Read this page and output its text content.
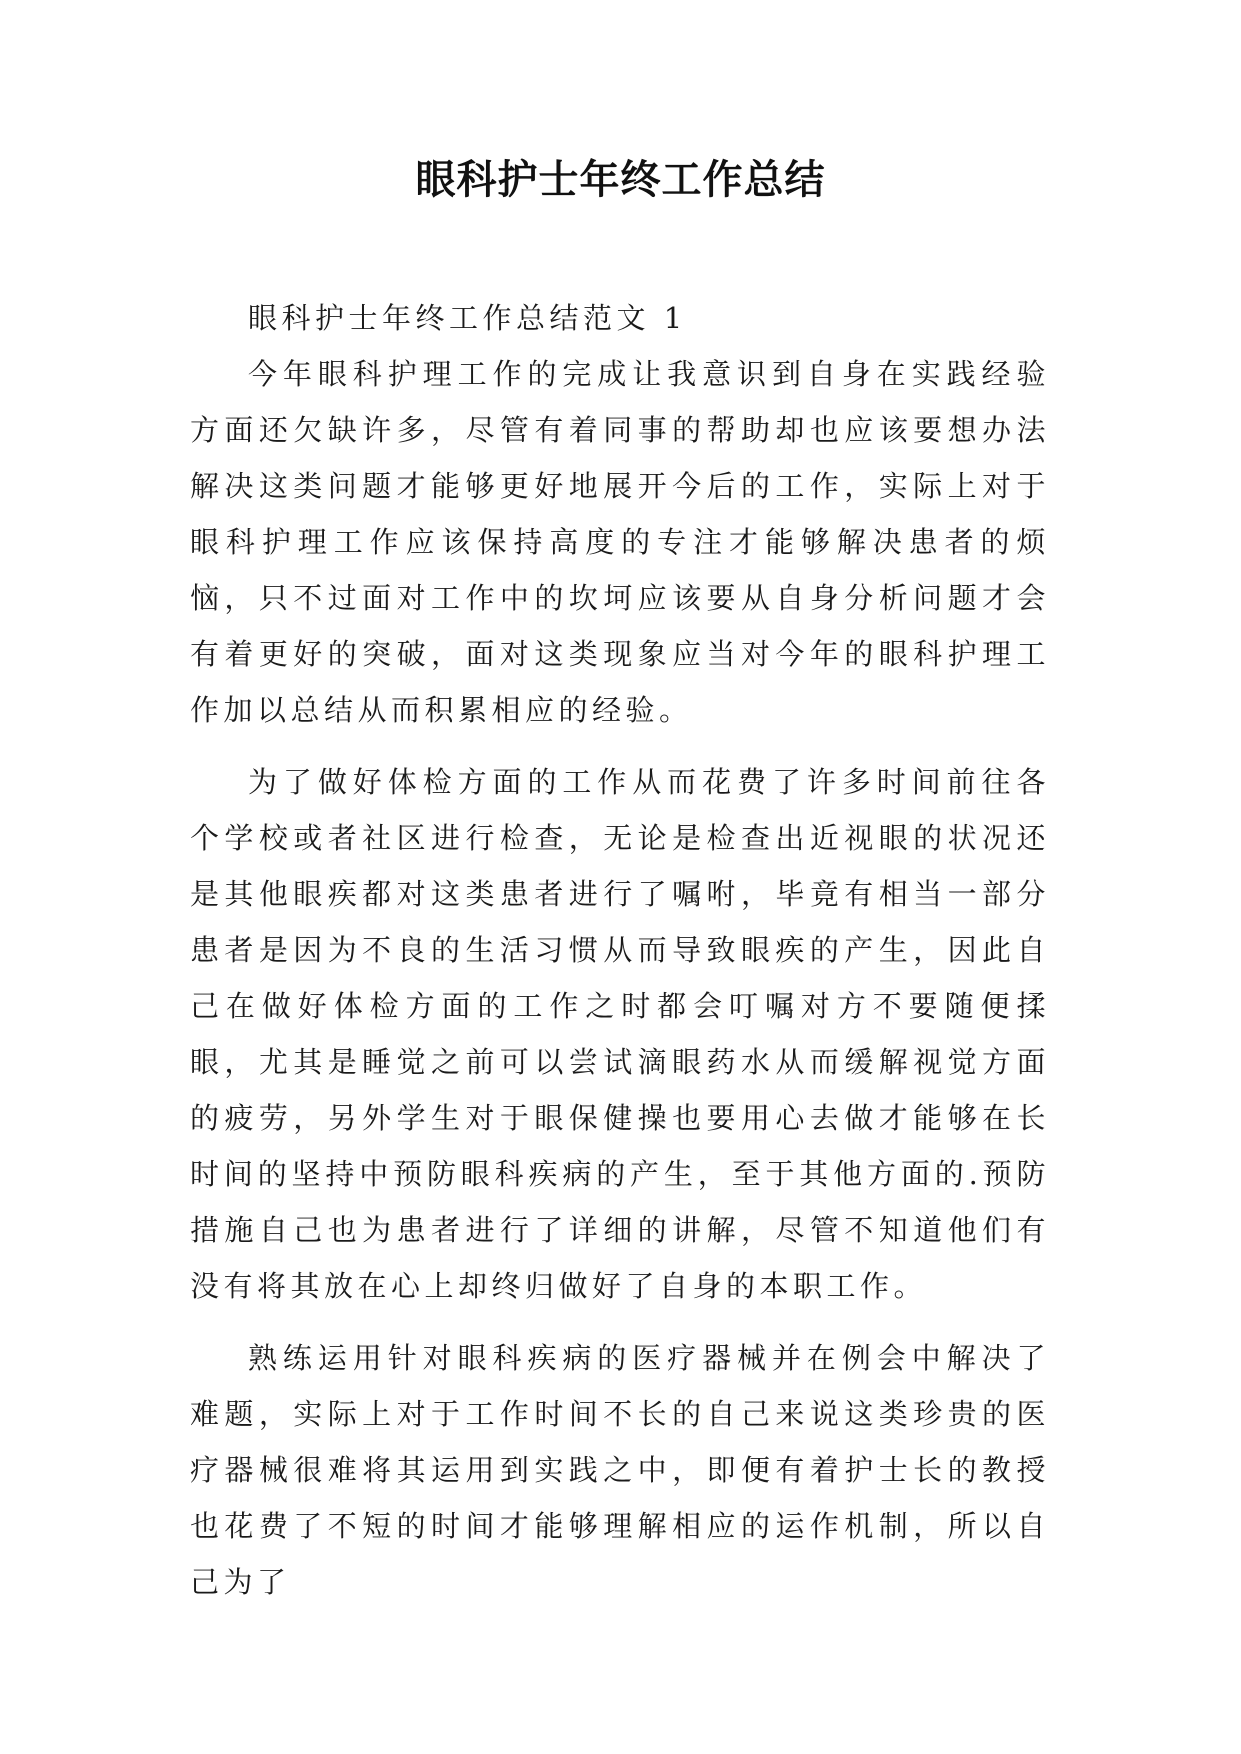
眼科护士年终工作总结

眼科护士年终工作总结范文 1

今年眼科护理工作的完成让我意识到自身在实践经验方面还欠缺许多，尽管有着同事的帮助却也应该要想办法解决这类问题才能够更好地展开今后的工作，实际上对于眼科护理工作应该保持高度的专注才能够解决患者的烦恼，只不过面对工作中的坎坷应该要从自身分析问题才会有着更好的突破，面对这类现象应当对今年的眼科护理工作加以总结从而积累相应的经验。

为了做好体检方面的工作从而花费了许多时间前往各个学校或者社区进行检查，无论是检查出近视眼的状况还是其他眼疾都对这类患者进行了嘱咐，毕竟有相当一部分患者是因为不良的生活习惯从而导致眼疾的产生，因此自己在做好体检方面的工作之时都会叮嘱对方不要随便揉眼，尤其是睡觉之前可以尝试滴眼药水从而缓解视觉方面的疲劳，另外学生对于眼保健操也要用心去做才能够在长时间的坚持中预防眼科疾病的产生，至于其他方面的.预防措施自己也为患者进行了详细的讲解，尽管不知道他们有没有将其放在心上却终归做好了自身的本职工作。

熟练运用针对眼科疾病的医疗器械并在例会中解决了难题，实际上对于工作时间不长的自己来说这类珍贵的医疗器械很难将其运用到实践之中，即便有着护士长的教授也花费了不短的时间才能够理解相应的运作机制，所以自己为了
